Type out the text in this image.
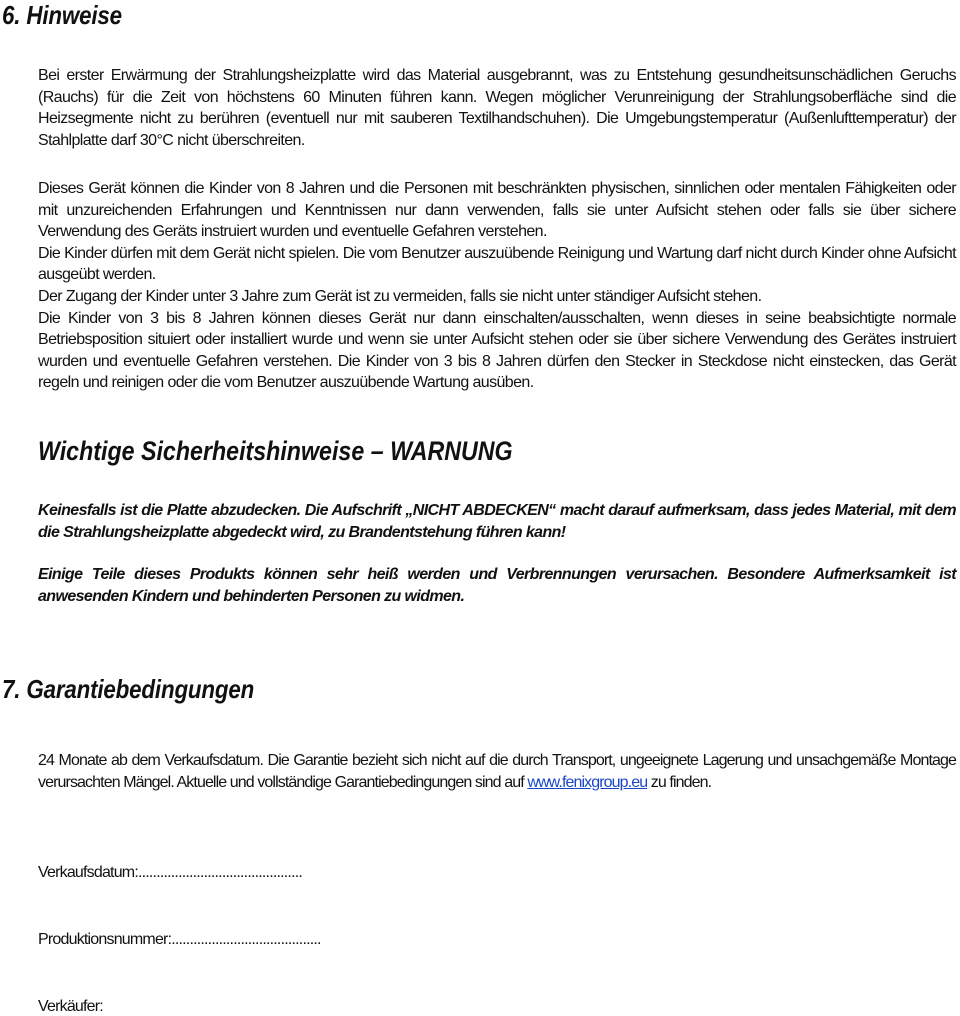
6. Hinweise

Bei erster Erwärmung der Strahlungsheizplatte wird das Material ausgebrannt, was zu Entstehung gesundheitsunschädlichen Geruchs (Rauchs) für die Zeit von höchstens 60 Minuten führen kann. Wegen möglicher Verunreinigung der Strahlungsoberfläche sind die Heizsegmente nicht zu berühren (eventuell nur mit sauberen Textilhandschuhen). Die Umgebungstemperatur (Außenlufttemperatur) der Stahlplatte darf 30°C nicht überschreiten.

Dieses Gerät können die Kinder von 8 Jahren und die Personen mit beschränkten physischen, sinnlichen oder mentalen Fähigkeiten oder mit unzureichenden Erfahrungen und Kenntnissen nur dann verwenden, falls sie unter Aufsicht stehen oder falls sie über sichere Verwendung des Geräts instruiert wurden und eventuelle Gefahren verstehen.

Die Kinder dürfen mit dem Gerät nicht spielen. Die vom Benutzer auszuübende Reinigung und Wartung darf nicht durch Kinder ohne Aufsicht ausgeübt werden.

Der Zugang der Kinder unter 3 Jahre zum Gerät ist zu vermeiden, falls sie nicht unter ständiger Aufsicht stehen.

Die Kinder von 3 bis 8 Jahren können dieses Gerät nur dann einschalten/ausschalten, wenn dieses in seine beabsichtigte normale Betriebsposition situiert oder installiert wurde und wenn sie unter Aufsicht stehen oder sie über sichere Verwendung des Gerätes instruiert wurden und eventuelle Gefahren verstehen. Die Kinder von 3 bis 8 Jahren dürfen den Stecker in Steckdose nicht einstecken, das Gerät regeln und reinigen oder die vom Benutzer auszuübende Wartung ausüben.

Wichtige Sicherheitshinweise – WARNUNG

Keinesfalls ist die Platte abzudecken. Die Aufschrift „NICHT ABDECKEN“ macht darauf aufmerksam, dass jedes Material, mit dem die Strahlungsheizplatte abgedeckt wird, zu Brandentstehung führen kann!

Einige Teile dieses Produkts können sehr heiß werden und Verbrennungen verursachen. Besondere Aufmerksamkeit ist anwesenden Kindern und behinderten Personen zu widmen.

7. Garantiebedingungen

24 Monate ab dem Verkaufsdatum. Die Garantie bezieht sich nicht auf die durch Transport, ungeeignete Lagerung und unsachgemäße Montage verursachten Mängel. Aktuelle und vollständige Garantiebedingungen sind auf www.fenixgroup.eu zu finden.

Verkaufsdatum:.............................................
Produktionsnummer:.........................................
Verkäufer:
